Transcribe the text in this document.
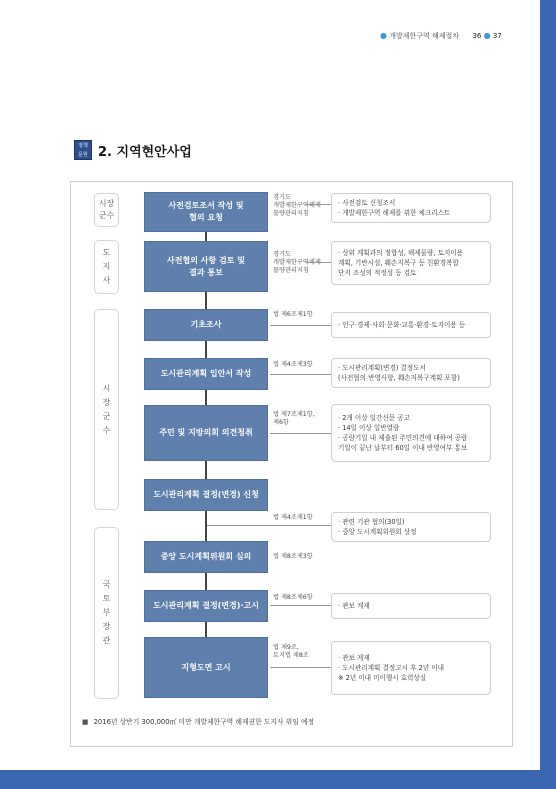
● 개발제한구역 해제절차 36 ● 37
정책
문헌 2. 지역현안사업
시장
군수
도
지
사
시
장
군
수
국
토
부
장
관
사전검토조서 작성 및
협의 요청
사전협의 사항 검토 및
결과 통보
기초조사
도시관리계획 입안서 작성
주민 및 지방의회 의견청취
도시관리계획 결정(변경) 신청
중앙 도시계획위원회 심의
도시관리계획 결정(변경)·고시
지형도면 고시
경기도
개발제한구역해제
물량관리지침
경기도
개발제한구역해제
물량관리지침
법 제6조제1항
법 제4조제3항
법 제7조제1항,
제6항
법 제4조제1항
법 제8조제3항
법 제8조제6항
법 제9조,
토지법 제8조
· 사전검토 신청조서
· 개발제한구역 해제를 위한 체크리스트
· 상위 계획과의 정합성, 해제물량, 토지이용
계획, 기반시설, 훼손지복구 등 친환경복합
단지 조성의 적정성 등 검토
· 인구·경제·사회·문화·교통·환경·토지이용 등
· 도시관리계획(변경) 결정도서
(사전협의 반영사항, 훼손지복구계획 포함)
· 2개 이상 일간신문 공고
· 14일 이상 일반열람
· 공람기일 내 제출된 주민의견에 대하여 공람
기일이 끝난 날부터 60일 이내 반영여부 통보
· 관련 기관 협의(30일)
· 중앙 도시계획위원회 상정
· 관보 게재
· 관보 게재
· 도시관리계획 결정고시 후 2년 이내
※ 2년 이내 미이행시 효력상실
■ 2016년 상반기 300,000㎡ 미만 개발제한구역 해제권한 도지사 위임 예정
